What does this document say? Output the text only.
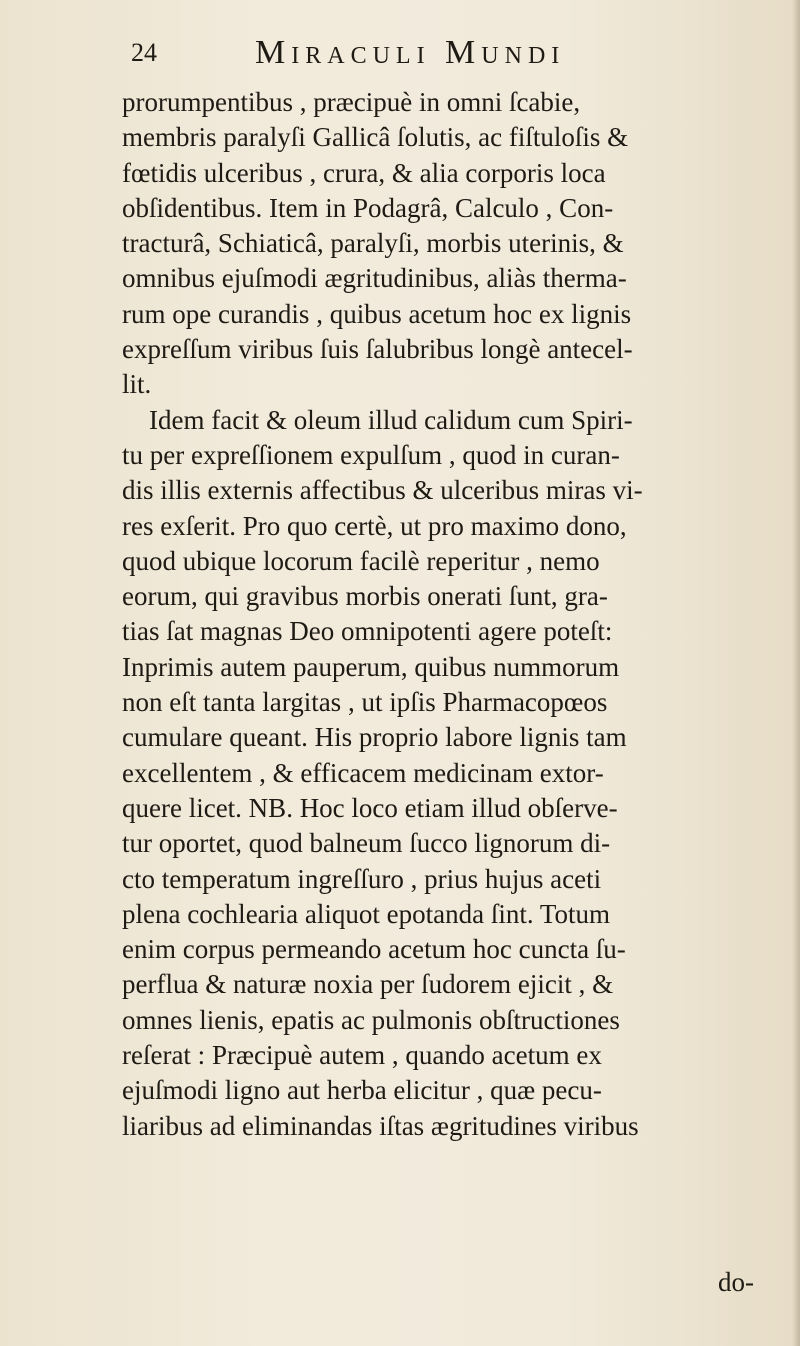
24	Miraculi Mundi
prorumpentibus , præcipuè in omni ſcabie,
membris paralyſi Gallicâ ſolutis, ac fiſtuloſis &
fœtidis ulceribus , crura, & alia corporis loca
obſidentibus. Item in Podagrâ, Calculo , Con-
tracturâ, Schiaticâ, paralyſi, morbis uterinis, &
omnibus ejuſmodi ægritudinibus, aliàs therma-
rum ope curandis , quibus acetum hoc ex lignis
expreſſum viribus ſuis ſalubribus longè antecel-
lit.
Idem facit & oleum illud calidum cum Spiri-
tu per expreſſionem expulſum , quod in curan-
dis illis externis affectibus & ulceribus miras vi-
res exſerit. Pro quo certè, ut pro maximo dono,
quod ubique locorum facilè reperitur , nemo
eorum, qui gravibus morbis onerati ſunt, gra-
tias ſat magnas Deo omnipotenti agere poteſt:
Inprimis autem pauperum, quibus nummorum
non eſt tanta largitas , ut ipſis Pharmacopœos
cumulare queant. His proprio labore lignis tam
excellentem , & efficacem medicinam extor-
quere licet. NB. Hoc loco etiam illud obſerve-
tur oportet, quod balneum ſucco lignorum di-
cto temperatum ingreſſuro , prius hujus aceti
plena cochlearia aliquot epotanda ſint. Totum
enim corpus permeando acetum hoc cuncta ſu-
perflua & naturæ noxia per ſudorem ejicit , &
omnes lienis, epatis ac pulmonis obſtructiones
reſerat : Præcipuè autem , quando acetum ex
ejuſmodi ligno aut herba elicitur , quæ pecu-
liaribus ad eliminandas iſtas ægritudines viribus
do-
